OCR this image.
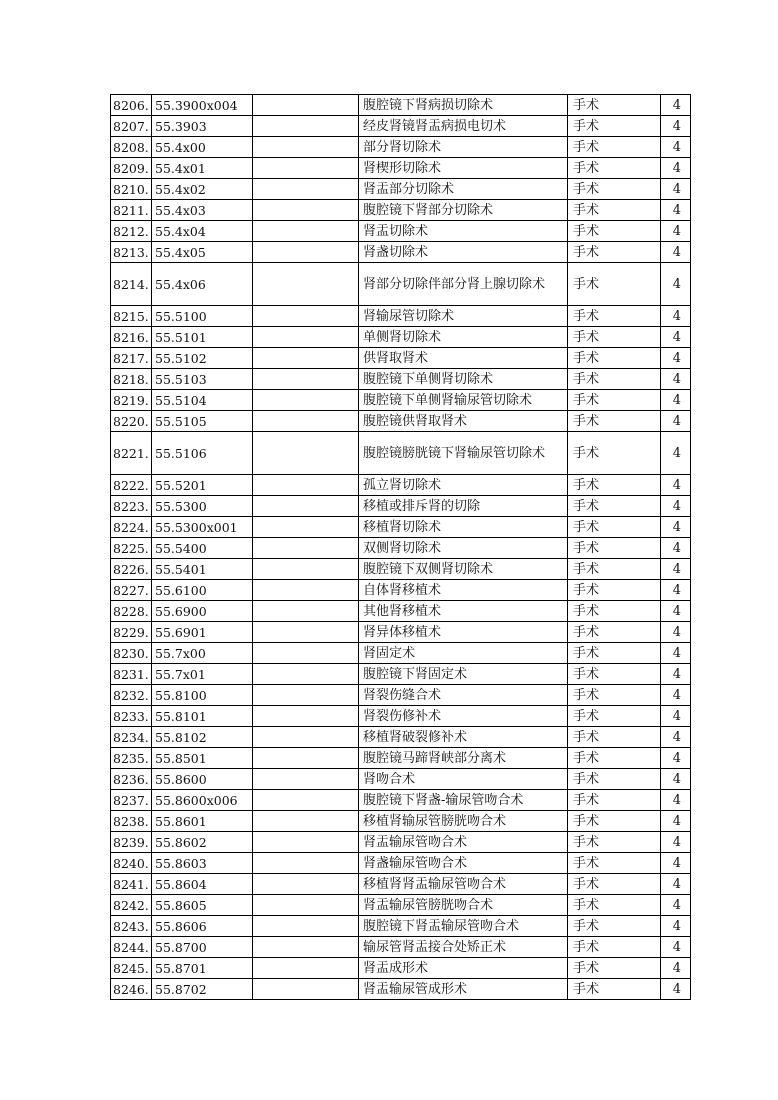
8206.	55.3900x004		腹腔镜下肾病损切除术	手术	4
8207.	55.3903		经皮肾镜肾盂病损电切术	手术	4
8208.	55.4x00		部分肾切除术	手术	4
8209.	55.4x01		肾楔形切除术	手术	4
8210.	55.4x02		肾盂部分切除术	手术	4
8211.	55.4x03		腹腔镜下肾部分切除术	手术	4
8212.	55.4x04		肾盂切除术	手术	4
8213.	55.4x05		肾盏切除术	手术	4
8214.	55.4x06		肾部分切除伴部分肾上腺切除术	手术	4
8215.	55.5100		肾输尿管切除术	手术	4
8216.	55.5101		单侧肾切除术	手术	4
8217.	55.5102		供肾取肾术	手术	4
8218.	55.5103		腹腔镜下单侧肾切除术	手术	4
8219.	55.5104		腹腔镜下单侧肾输尿管切除术	手术	4
8220.	55.5105		腹腔镜供肾取肾术	手术	4
8221.	55.5106		腹腔镜膀胱镜下肾输尿管切除术	手术	4
8222.	55.5201		孤立肾切除术	手术	4
8223.	55.5300		移植或排斥肾的切除	手术	4
8224.	55.5300x001		移植肾切除术	手术	4
8225.	55.5400		双侧肾切除术	手术	4
8226.	55.5401		腹腔镜下双侧肾切除术	手术	4
8227.	55.6100		自体肾移植术	手术	4
8228.	55.6900		其他肾移植术	手术	4
8229.	55.6901		肾异体移植术	手术	4
8230.	55.7x00		肾固定术	手术	4
8231.	55.7x01		腹腔镜下肾固定术	手术	4
8232.	55.8100		肾裂伤缝合术	手术	4
8233.	55.8101		肾裂伤修补术	手术	4
8234.	55.8102		移植肾破裂修补术	手术	4
8235.	55.8501		腹腔镜马蹄肾峡部分离术	手术	4
8236.	55.8600		肾吻合术	手术	4
8237.	55.8600x006		腹腔镜下肾盏-输尿管吻合术	手术	4
8238.	55.8601		移植肾输尿管膀胱吻合术	手术	4
8239.	55.8602		肾盂输尿管吻合术	手术	4
8240.	55.8603		肾盏输尿管吻合术	手术	4
8241.	55.8604		移植肾肾盂输尿管吻合术	手术	4
8242.	55.8605		肾盂输尿管膀胱吻合术	手术	4
8243.	55.8606		腹腔镜下肾盂输尿管吻合术	手术	4
8244.	55.8700		输尿管肾盂接合处矫正术	手术	4
8245.	55.8701		肾盂成形术	手术	4
8246.	55.8702		肾盂输尿管成形术	手术	4
